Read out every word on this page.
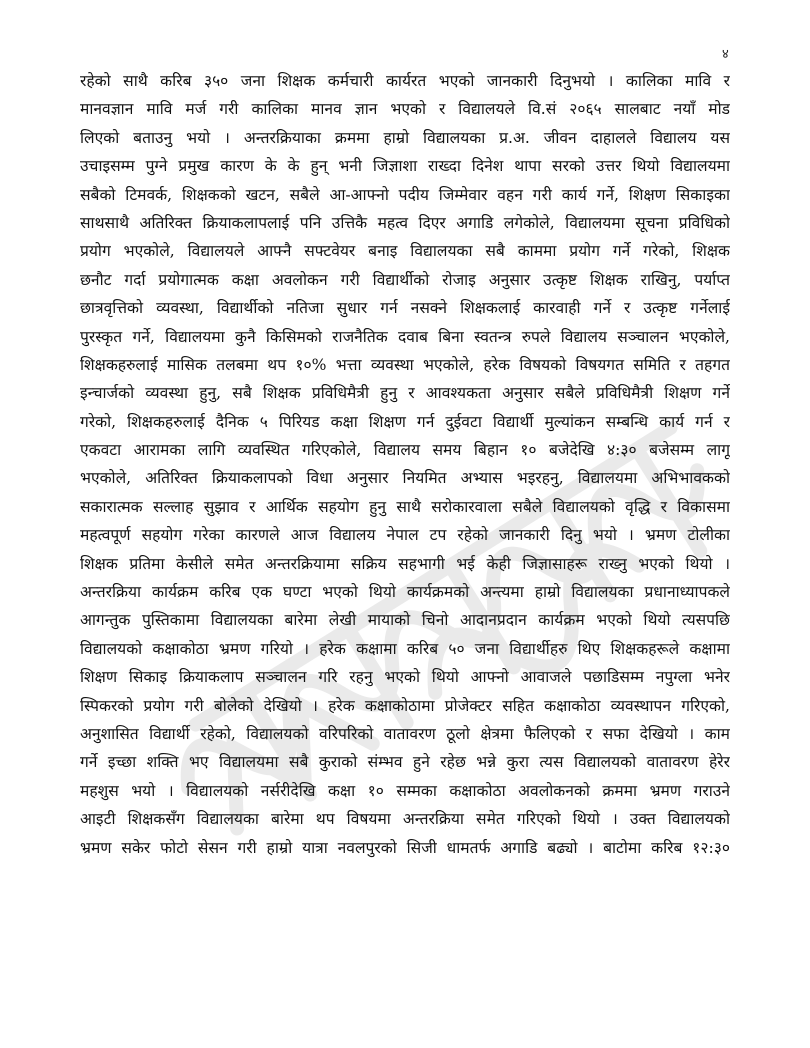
४
रहेको साथै करिब ३५० जना शिक्षक कर्मचारी कार्यरत भएको जानकारी दिनुभयो । कालिका मावि र
मानवज्ञान मावि मर्ज गरी कालिका मानव ज्ञान भएको र विद्यालयले वि.सं २०६५ सालबाट नयाँ मोड
लिएको बताउनु भयो । अन्तरक्रियाका क्रममा हाम्रो विद्यालयका प्र.अ. जीवन दाहालले विद्यालय यस
उचाइसम्म पुग्ने प्रमुख कारण के के हुन् भनी जिज्ञाशा राख्दा दिनेश थापा सरको उत्तर थियो विद्यालयमा
सबैको टिमवर्क, शिक्षकको खटन, सबैले आ-आफ्नो पदीय जिम्मेवार वहन गरी कार्य गर्ने, शिक्षण सिकाइका
साथसाथै अतिरिक्त क्रियाकलापलाई पनि उत्तिकै महत्व दिएर अगाडि लगेकोले, विद्यालयमा सूचना प्रविधिको
प्रयोग भएकोले, विद्यालयले आफ्नै सफ्टवेयर बनाइ विद्यालयका सबै काममा प्रयोग गर्ने गरेको, शिक्षक
छनौट गर्दा प्रयोगात्मक कक्षा अवलोकन गरी विद्यार्थीको रोजाइ अनुसार उत्कृष्ट शिक्षक राखिनु, पर्याप्त
छात्रवृत्तिको व्यवस्था, विद्यार्थीको नतिजा सुधार गर्न नसक्ने शिक्षकलाई कारवाही गर्ने र उत्कृष्ट गर्नेलाई
पुरस्कृत गर्ने, विद्यालयमा कुनै किसिमको राजनैतिक दवाब बिना स्वतन्त्र रुपले विद्यालय सञ्चालन भएकोले,
शिक्षकहरुलाई मासिक तलबमा थप १०% भत्ता व्यवस्था भएकोले, हरेक विषयको विषयगत समिति र तहगत
इन्चार्जको व्यवस्था हुनु, सबै शिक्षक प्रविधिमैत्री हुनु र आवश्यकता अनुसार सबैले प्रविधिमैत्री शिक्षण गर्ने
गरेको, शिक्षकहरुलाई दैनिक ५ पिरियड कक्षा शिक्षण गर्न दुईवटा विद्यार्थी मुल्यांकन सम्बन्धि कार्य गर्न र
एकवटा आरामका लागि व्यवस्थित गरिएकोले, विद्यालय समय बिहान १० बजेदेखि ४:३० बजेसम्म लागू
भएकोले, अतिरिक्त क्रियाकलापको विधा अनुसार नियमित अभ्यास भइरहनु, विद्यालयमा अभिभावकको
सकारात्मक सल्लाह सुझाव र आर्थिक सहयोग हुनु साथै सरोकारवाला सबैले विद्यालयको वृद्धि र विकासमा
महत्वपूर्ण सहयोग गरेका कारणले आज विद्यालय नेपाल टप रहेको जानकारी दिनु भयो । भ्रमण टोलीका
शिक्षक प्रतिमा केसीले समेत अन्तरक्रियामा सक्रिय सहभागी भई केही जिज्ञासाहरू राख्नु भएको थियो ।
अन्तरक्रिया कार्यक्रम करिब एक घण्टा भएको थियो कार्यक्रमको अन्त्यमा हाम्रो विद्यालयका प्रधानाध्यापकले
आगन्तुक पुस्तिकामा विद्यालयका बारेमा लेखी मायाको चिनो आदानप्रदान कार्यक्रम भएको थियो त्यसपछि
विद्यालयको कक्षाकोठा भ्रमण गरियो । हरेक कक्षामा करिब ५० जना विद्यार्थीहरु थिए शिक्षकहरूले कक्षामा
शिक्षण सिकाइ क्रियाकलाप सञ्चालन गरि रहनु भएको थियो आफ्नो आवाजले पछाडिसम्म नपुग्ला भनेर
स्पिकरको प्रयोग गरी बोलेको देखियो । हरेक कक्षाकोठामा प्रोजेक्टर सहित कक्षाकोठा व्यवस्थापन गरिएको,
अनुशासित विद्यार्थी रहेको, विद्यालयको वरिपरिको वातावरण ठूलो क्षेत्रमा फैलिएको र सफा देखियो । काम
गर्ने इच्छा शक्ति भए विद्यालयमा सबै कुराको संम्भव हुने रहेछ भन्ने कुरा त्यस विद्यालयको वातावरण हेरेर
महशुस भयो । विद्यालयको नर्सरीदेखि कक्षा १० सम्मका कक्षाकोठा अवलोकनको क्रममा भ्रमण गराउने
आइटी शिक्षकसँग विद्यालयका बारेमा थप विषयमा अन्तरक्रिया समेत गरिएको थियो । उक्त विद्यालयको
भ्रमण सकेर फोटो सेसन गरी हाम्रो यात्रा नवलपुरको सिजी धामतर्फ अगाडि बढ्यो । बाटोमा करिब १२:३०
